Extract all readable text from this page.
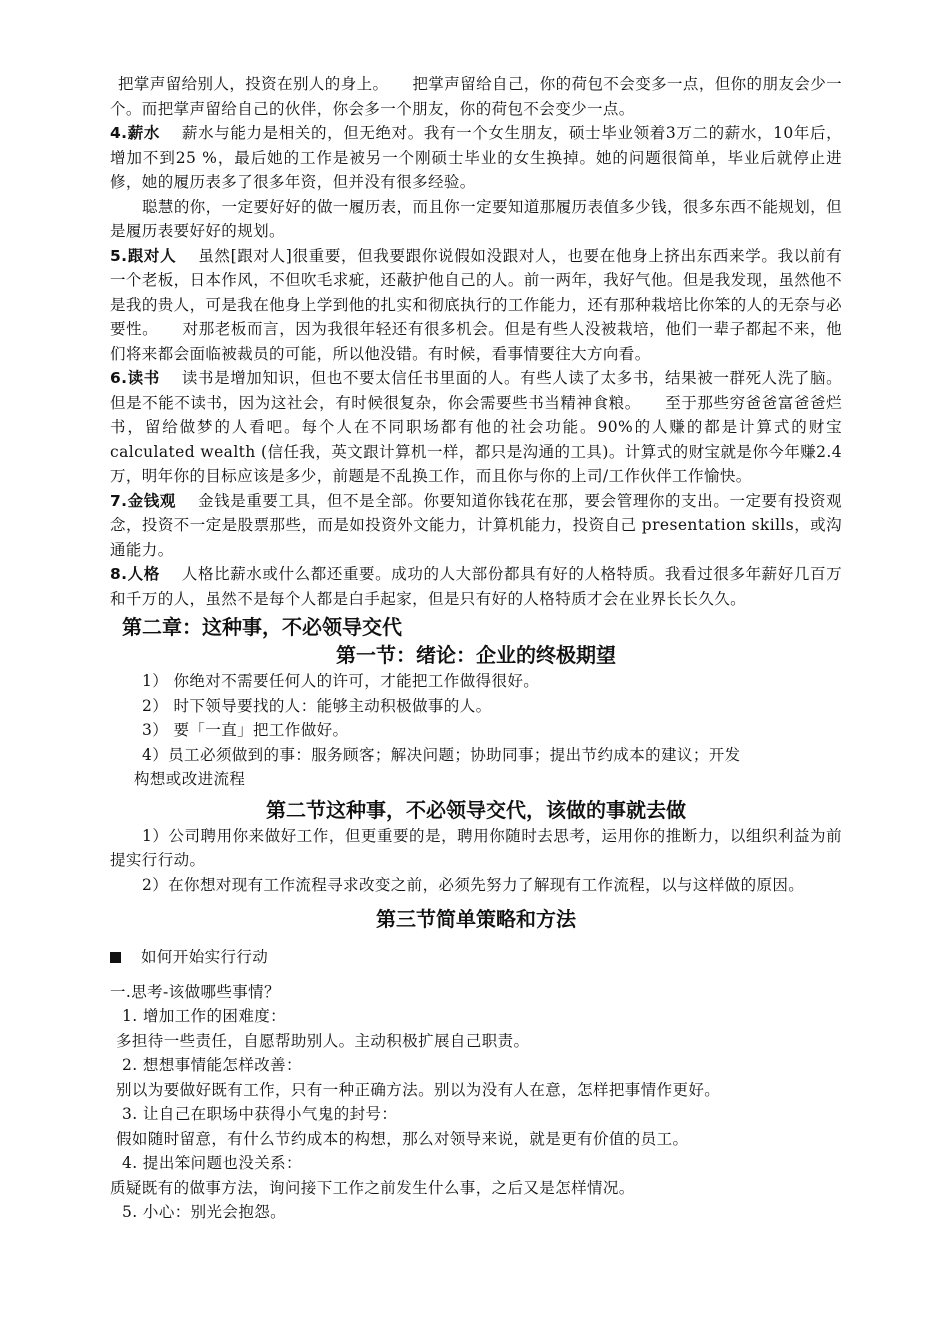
把掌声留给别人，投资在别人的身上。　　把掌声留给自己，你的荷包不会变多一点，但你的朋友会少一个。而把掌声留给自己的伙伴，你会多一个朋友，你的荷包不会变少一点。

4.薪水 薪水与能力是相关的，但无绝对。我有一个女生朋友，硕士毕业领着3万二的薪水，10年后，增加不到25 %，最后她的工作是被另一个刚硕士毕业的女生换掉。她的问题很简单，毕业后就停止进修，她的履历表多了很多年资，但并没有很多经验。

聪慧的你，一定要好好的做一履历表，而且你一定要知道那履历表值多少钱，很多东西不能规划，但是履历表要好好的规划。

5.跟对人 虽然[跟对人]很重要，但我要跟你说假如没跟对人，也要在他身上挤出东西来学。我以前有一个老板，日本作风，不但吹毛求疵，还蔽护他自己的人。前一两年，我好气他。但是我发现，虽然他不是我的贵人，可是我在他身上学到他的扎实和彻底执行的工作能力，还有那种栽培比你笨的人的无奈与必要性。　　对那老板而言，因为我很年轻还有很多机会。但是有些人没被栽培，他们一辈子都起不来，他们将来都会面临被裁员的可能，所以他没错。有时候，看事情要往大方向看。

6.读书 读书是增加知识，但也不要太信任书里面的人。有些人读了太多书，结果被一群死人洗了脑。但是不能不读书，因为这社会，有时候很复杂，你会需要些书当精神食粮。　　至于那些穷爸爸富爸爸烂书，留给做梦的人看吧。每个人在不同职场都有他的社会功能。90%的人赚的都是计算式的财宝 calculated wealth (信任我，英文跟计算机一样，都只是沟通的工具)。计算式的财宝就是你今年赚2.4万，明年你的目标应该是多少，前题是不乱换工作，而且你与你的上司/工作伙伴工作愉快。

7.金钱观 金钱是重要工具，但不是全部。你要知道你钱花在那，要会管理你的支出。一定要有投资观念，投资不一定是股票那些，而是如投资外文能力，计算机能力，投资自己 presentation skills，或沟通能力。

8.人格 人格比薪水或什么都还重要。成功的人大部份都具有好的人格特质。我看过很多年薪好几百万和千万的人，虽然不是每个人都是白手起家，但是只有好的人格特质才会在业界长长久久。

第二章：这种事，不必领导交代
第一节：绪论：企业的终极期望

1） 你绝对不需要任何人的许可，才能把工作做得很好。

2） 时下领导要找的人：能够主动积极做事的人。

3） 要「一直」把工作做好。

4）员工必须做到的事：服务顾客；解决问题；协助同事；提出节约成本的建议；开发

构想或改进流程

第二节这种事，不必领导交代，该做的事就去做

1）公司聘用你来做好工作，但更重要的是，聘用你随时去思考，运用你的推断力，以组织利益为前提实行行动。

2）在你想对现有工作流程寻求改变之前，必须先努力了解现有工作流程，以与这样做的原因。

第三节简单策略和方法

如何开始实行行动

一.思考-该做哪些事情？

1. 增加工作的困难度：

多担待一些责任，自愿帮助别人。主动积极扩展自己职责。

2. 想想事情能怎样改善：

别以为要做好既有工作，只有一种正确方法。别以为没有人在意，怎样把事情作更好。

3. 让自己在职场中获得小气鬼的封号：

假如随时留意，有什么节约成本的构想，那么对领导来说，就是更有价值的员工。

4. 提出笨问题也没关系：

质疑既有的做事方法，询问接下工作之前发生什么事，之后又是怎样情况。

5. 小心：别光会抱怨。
